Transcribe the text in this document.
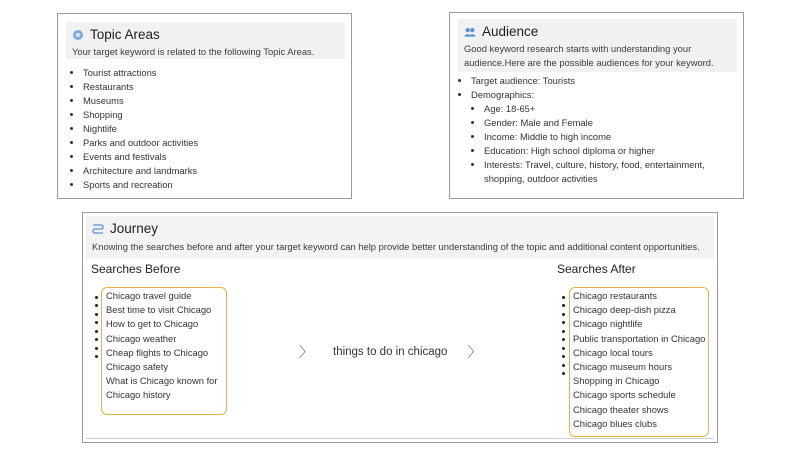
Topic Areas
Your target keyword is related to the following Topic Areas.
• Tourist attractions
• Restaurants
• Museums
• Shopping
• Nightlife
• Parks and outdoor activities
• Events and festivals
• Architecture and landmarks
• Sports and recreation
Audience
Good keyword research starts with understanding your audience.Here are the possible audiences for your keyword.
• Target audience: Tourists
• Demographics:
• Age: 18-65+
• Gender: Male and Female
• Income: Middle to high income
• Education: High school diploma or higher
• Interests: Travel, culture, history, food, entertainment, shopping, outdoor activities
Journey
Knowing the searches before and after your target keyword can help provide better understanding of the topic and additional content opportunities.
Searches Before	Searches After
Chicago travel guide
Best time to visit Chicago
How to get to Chicago
Chicago weather
Cheap flights to Chicago
Chicago safety
What is Chicago known for
Chicago history
〉 things to do in chicago 〉
Chicago restaurants
Chicago deep-dish pizza
Chicago nightlife
Public transportation in Chicago
Chicago local tours
Chicago museum hours
Shopping in Chicago
Chicago sports schedule
Chicago theater shows
Chicago blues clubs
